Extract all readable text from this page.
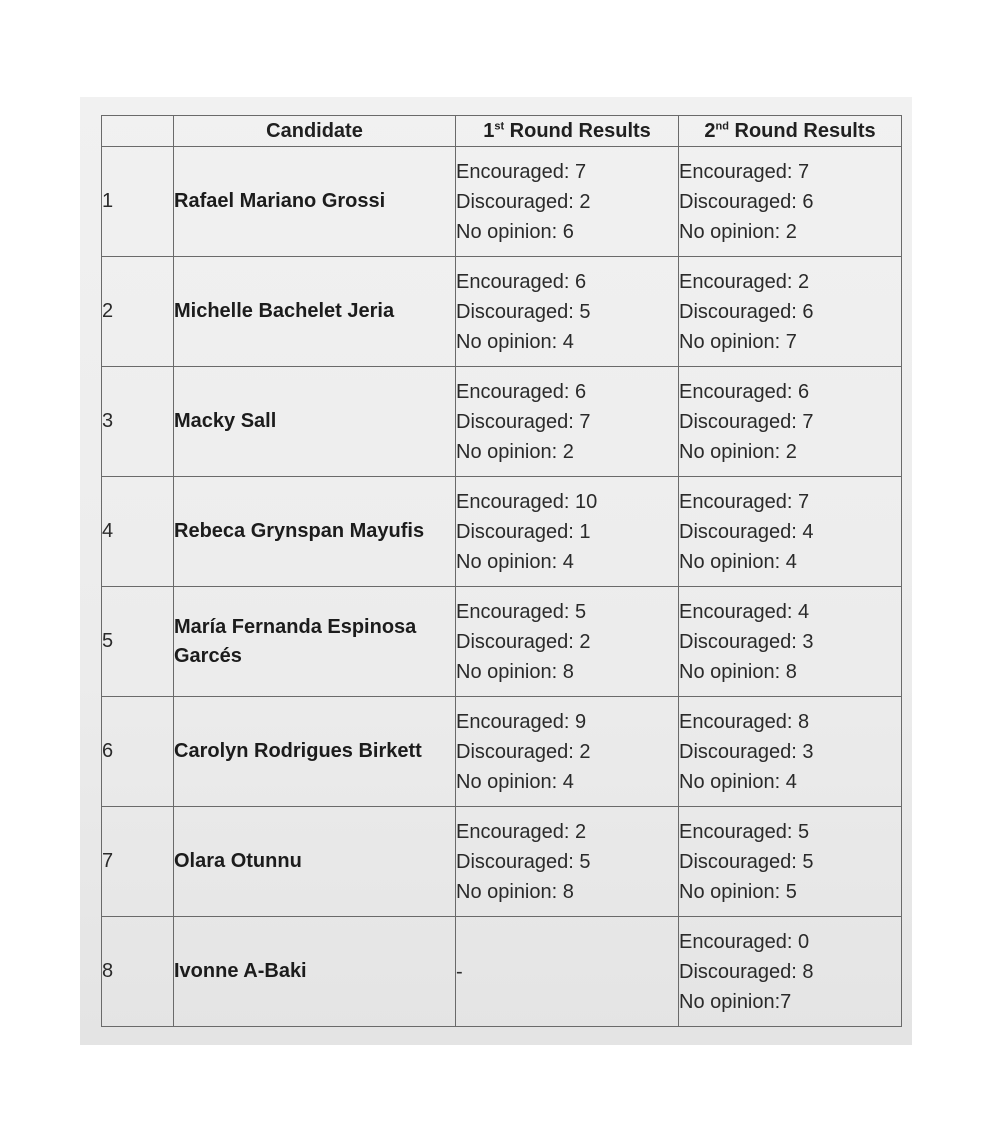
	Candidate	1st Round Results	2nd Round Results
1	Rafael Mariano Grossi	Encouraged: 7
Discouraged: 2
No opinion: 6	Encouraged: 7
Discouraged: 6
No opinion: 2

2	Michelle Bachelet Jeria	Encouraged: 6
Discouraged: 5
No opinion: 4	Encouraged: 2
Discouraged: 6
No opinion: 7

3	Macky Sall	Encouraged: 6
Discouraged: 7
No opinion: 2	Encouraged: 6
Discouraged: 7
No opinion: 2

4	Rebeca Grynspan Mayufis	Encouraged: 10
Discouraged: 1
No opinion: 4	Encouraged: 7
Discouraged: 4
No opinion: 4

5	María Fernanda Espinosa Garcés	Encouraged: 5
Discouraged: 2
No opinion: 8	Encouraged: 4
Discouraged: 3
No opinion: 8

6	Carolyn Rodrigues Birkett	Encouraged: 9
Discouraged: 2
No opinion: 4	Encouraged: 8
Discouraged: 3
No opinion: 4

7	Olara Otunnu	Encouraged: 2
Discouraged: 5
No opinion: 8	Encouraged: 5
Discouraged: 5
No opinion: 5

8	Ivonne A-Baki	-	Encouraged: 0
Discouraged: 8
No opinion:7
